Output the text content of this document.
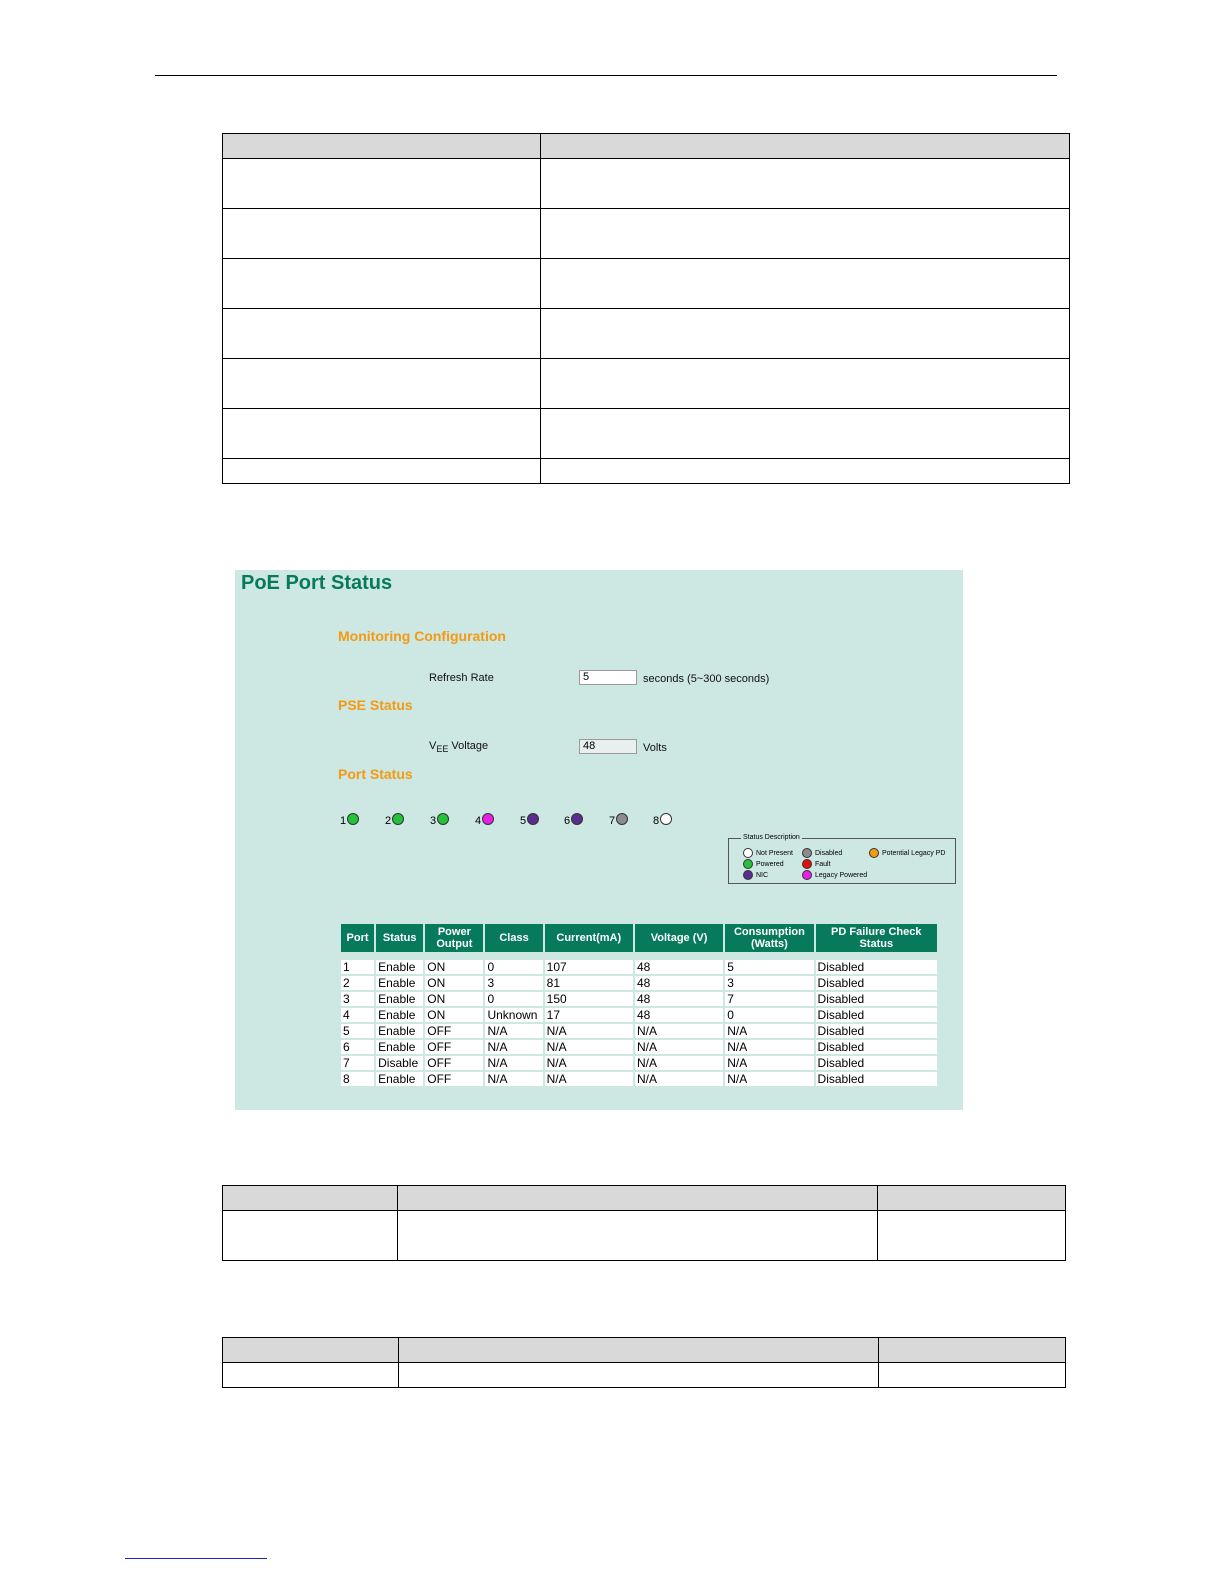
PoE Port Status
Monitoring Configuration
Refresh Rate	5	seconds (5~300 seconds)
PSE Status
$V_{EE}$ Voltage	48	Volts
Port Status
1	2	3	4	5	6	7	8
Status Description
Not Present	Disabled	Potential Legacy PD
Powered	Fault
NIC	Legacy Powered
Port	Status	Power Output	Class	Current(mA)	Voltage (V)	Consumption (Watts)	PD Failure Check Status

1	Enable	ON	0	107	48	5	Disabled
2	Enable	ON	3	81	48	3	Disabled
3	Enable	ON	0	150	48	7	Disabled
4	Enable	ON	Unknown	17	48	0	Disabled
5	Enable	OFF	N/A	N/A	N/A	N/A	Disabled
6	Enable	OFF	N/A	N/A	N/A	N/A	Disabled
7	Disable	OFF	N/A	N/A	N/A	N/A	Disabled
8	Enable	OFF	N/A	N/A	N/A	N/A	Disabled
